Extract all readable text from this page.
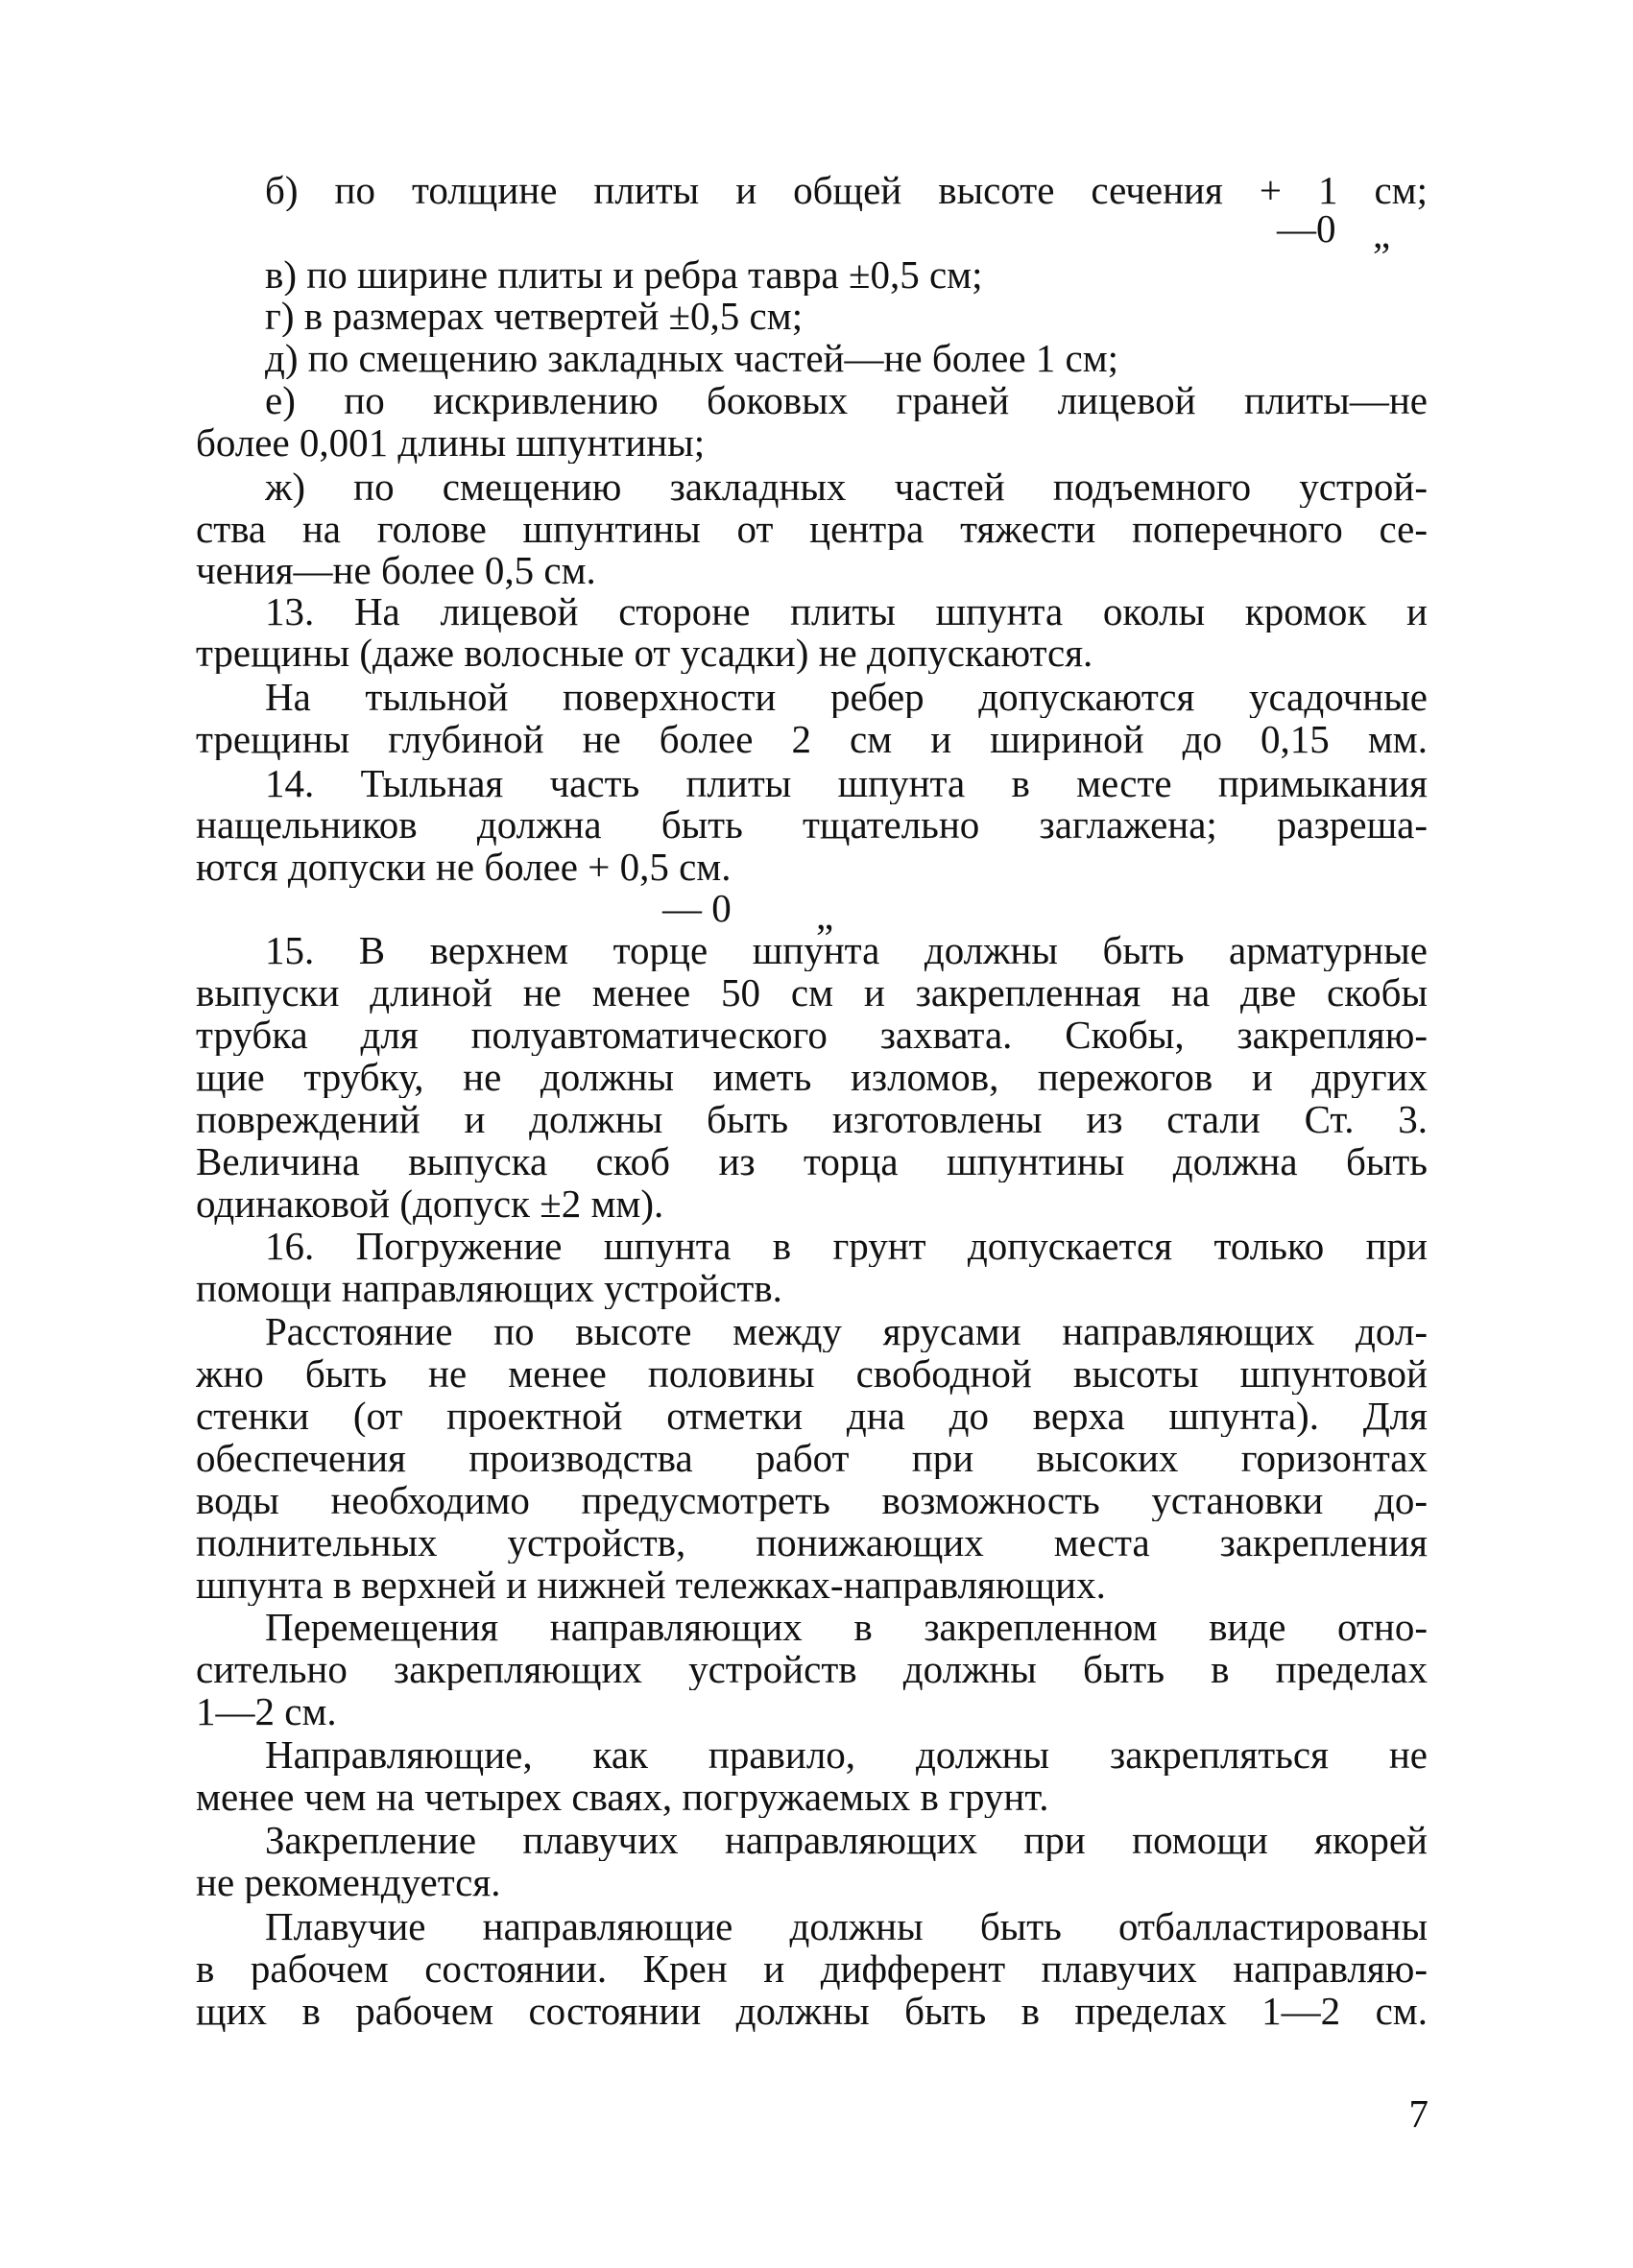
б) по толщине плиты и общей высоте сечения + 1 см;
—0 „
в) по ширине плиты и ребра тавра ±0,5 см;
г) в размерах четвертей ±0,5 см;
д) по смещению закладных частей—не более 1 см;
е) по искривлению боковых граней лицевой плиты—не
более 0,001 длины шпунтины;
ж) по смещению закладных частей подъемного устрой-
ства на голове шпунтины от центра тяжести поперечного се-
чения—не более 0,5 см.
13. На лицевой стороне плиты шпунта околы кромок и
трещины (даже волосные от усадки) не допускаются.
На тыльной поверхности ребер допускаются усадочные
трещины глубиной не более 2 см и шириной до 0,15 мм.
14. Тыльная часть плиты шпунта в месте примыкания
нащельников должна быть тщательно заглажена; разреша-
ются допуски не более + 0,5 см.
— 0 „
15. В верхнем торце шпунта должны быть арматурные
выпуски длиной не менее 50 см и закрепленная на две скобы
трубка для полуавтоматического захвата. Скобы, закрепляю-
щие трубку, не должны иметь изломов, пережогов и других
повреждений и должны быть изготовлены из стали Ст. 3.
Величина выпуска скоб из торца шпунтины должна быть
одинаковой (допуск ±2 мм).
16. Погружение шпунта в грунт допускается только при
помощи направляющих устройств.
Расстояние по высоте между ярусами направляющих дол-
жно быть не менее половины свободной высоты шпунтовой
стенки (от проектной отметки дна до верха шпунта). Для
обеспечения производства работ при высоких горизонтах
воды необходимо предусмотреть возможность установки до-
полнительных устройств, понижающих места закрепления
шпунта в верхней и нижней тележках-направляющих.
Перемещения направляющих в закрепленном виде отно-
сительно закрепляющих устройств должны быть в пределах
1—2 см.
Направляющие, как правило, должны закрепляться не
менее чем на четырех сваях, погружаемых в грунт.
Закрепление плавучих направляющих при помощи якорей
не рекомендуется.
Плавучие направляющие должны быть отбалластированы
в рабочем состоянии. Крен и дифферент плавучих направляю-
щих в рабочем состоянии должны быть в пределах 1—2 см.
7
